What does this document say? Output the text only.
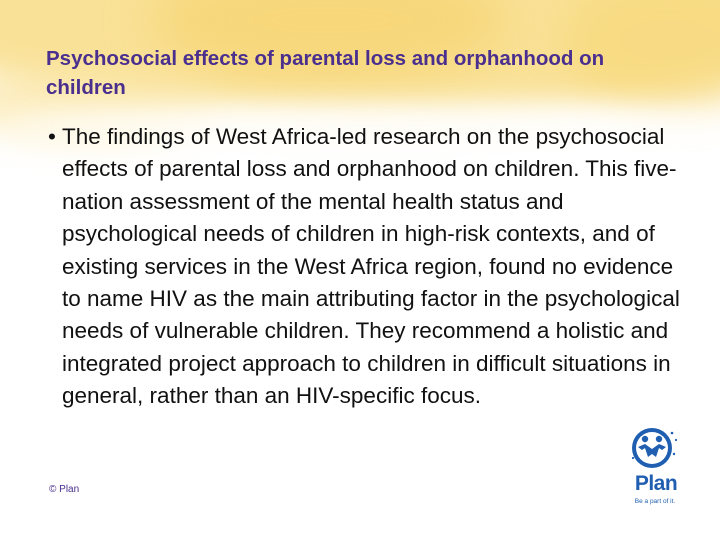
Psychosocial effects of parental loss and orphanhood on children
• The findings of West Africa-led research on the psychosocial effects of parental loss and orphanhood on children. This five-nation assessment of the mental health status and psychological needs of children in high-risk contexts, and of existing services in the West Africa region, found no evidence to name HIV as the main attributing factor in the psychological needs of vulnerable children. They recommend a holistic and integrated project approach to children in difficult situations in general, rather than an HIV-specific focus.
© Plan	Plan
Be a part of it.
